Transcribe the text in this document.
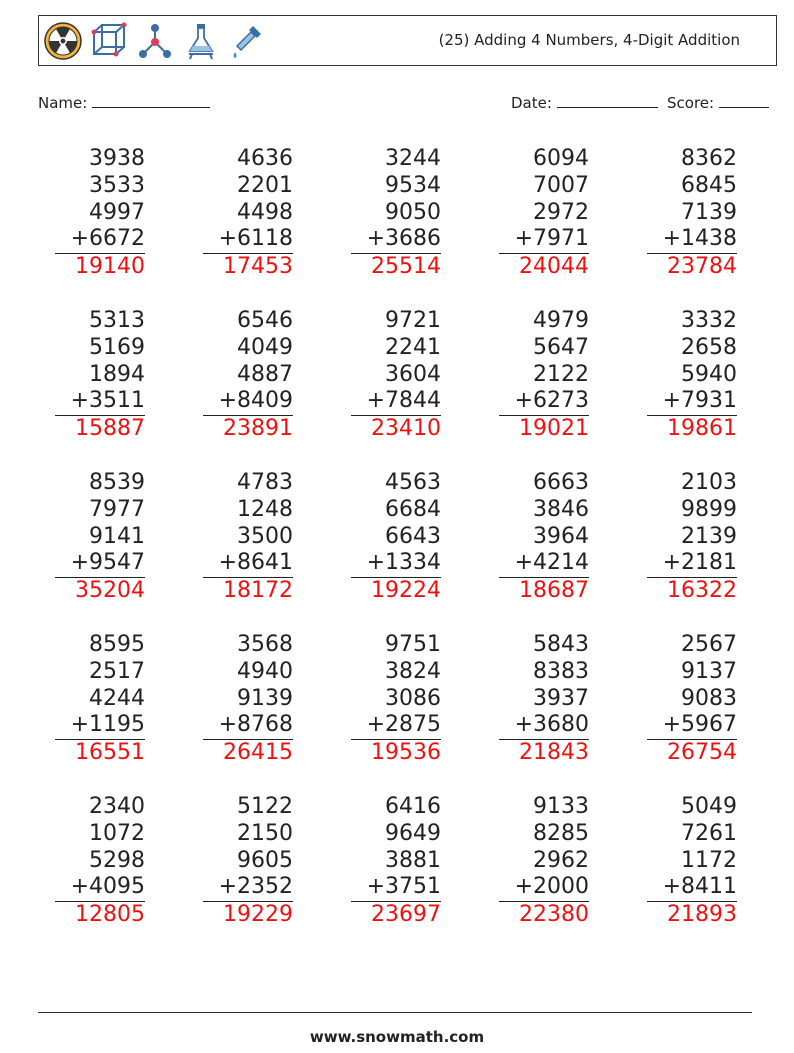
(25) Adding 4 Numbers, 4-Digit Addition
Name:	Date:	Score:
3938
3533
4997
+6672
19140
4636
2201
4498
+6118
17453
3244
9534
9050
+3686
25514
6094
7007
2972
+7971
24044
8362
6845
7139
+1438
23784
5313
5169
1894
+3511
15887
6546
4049
4887
+8409
23891
9721
2241
3604
+7844
23410
4979
5647
2122
+6273
19021
3332
2658
5940
+7931
19861
8539
7977
9141
+9547
35204
4783
1248
3500
+8641
18172
4563
6684
6643
+1334
19224
6663
3846
3964
+4214
18687
2103
9899
2139
+2181
16322
8595
2517
4244
+1195
16551
3568
4940
9139
+8768
26415
9751
3824
3086
+2875
19536
5843
8383
3937
+3680
21843
2567
9137
9083
+5967
26754
2340
1072
5298
+4095
12805
5122
2150
9605
+2352
19229
6416
9649
3881
+3751
23697
9133
8285
2962
+2000
22380
5049
7261
1172
+8411
21893
www.snowmath.com
